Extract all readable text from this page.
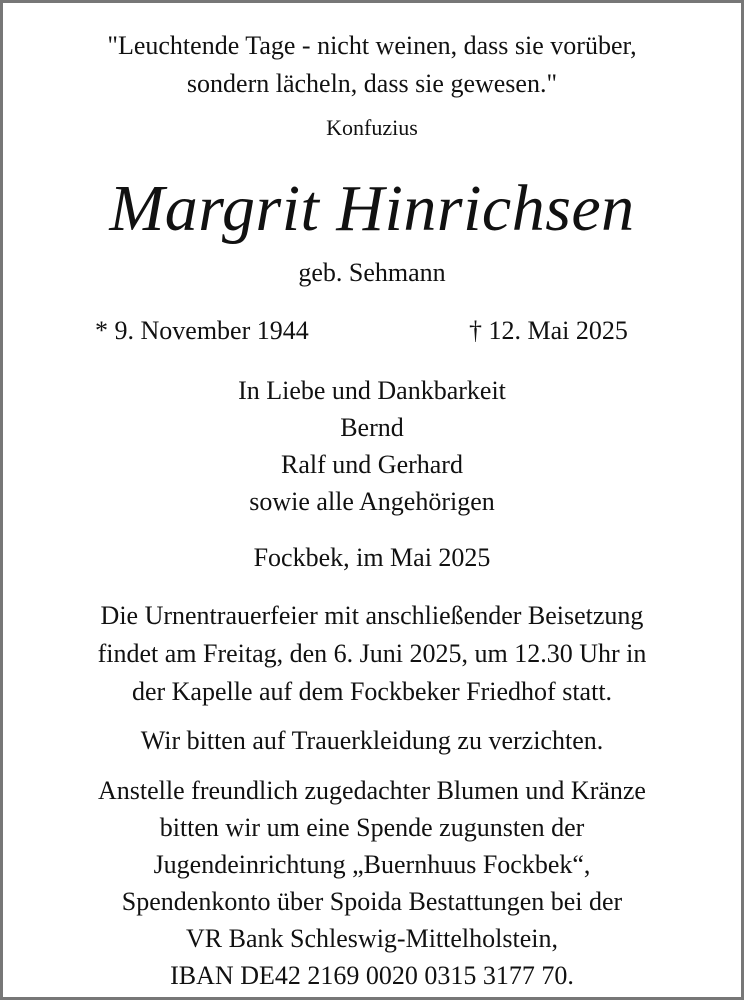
"Leuchtende Tage - nicht weinen, dass sie vorüber,
sondern lächeln, dass sie gewesen."
Konfuzius
Margrit Hinrichsen
geb. Sehmann
* 9. November 1944	† 12. Mai 2025
In Liebe und Dankbarkeit
Bernd
Ralf und Gerhard
sowie alle Angehörigen
Fockbek, im Mai 2025
Die Urnentrauerfeier mit anschließender Beisetzung
findet am Freitag, den 6. Juni 2025, um 12.30 Uhr in
der Kapelle auf dem Fockbeker Friedhof statt.
Wir bitten auf Trauerkleidung zu verzichten.
Anstelle freundlich zugedachter Blumen und Kränze
bitten wir um eine Spende zugunsten der
Jugendeinrichtung „Buernhuus Fockbek“,
Spendenkonto über Spoida Bestattungen bei der
VR Bank Schleswig-Mittelholstein,
IBAN DE42 2169 0020 0315 3177 70.
